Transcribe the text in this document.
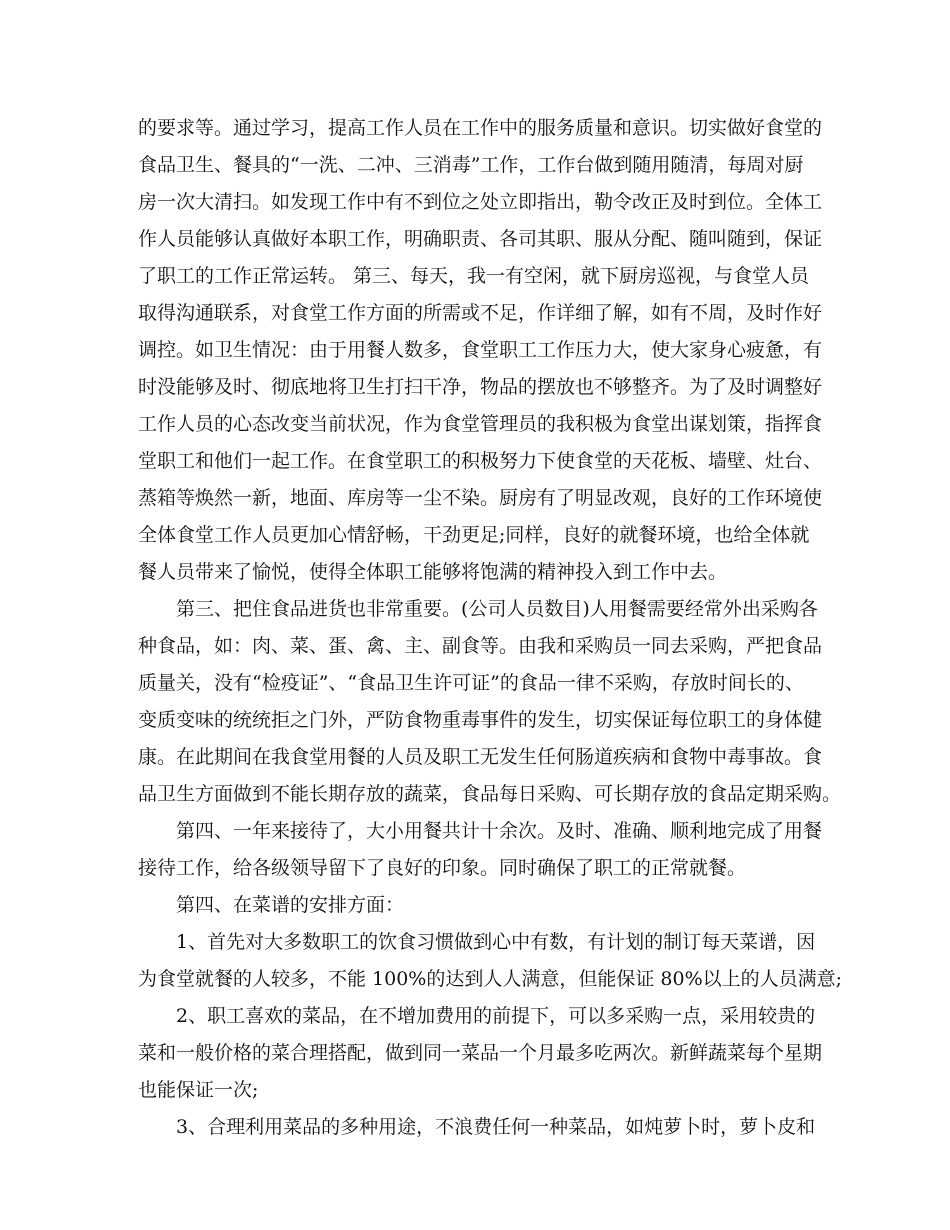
的要求等。通过学习，提高工作人员在工作中的服务质量和意识。切实做好食堂的
食品卫生、餐具的“一洗、二冲、三消毒”工作，工作台做到随用随清，每周对厨
房一次大清扫。如发现工作中有不到位之处立即指出，勒令改正及时到位。全体工
作人员能够认真做好本职工作，明确职责、各司其职、服从分配、随叫随到，保证
了职工的工作正常运转。 第三、每天，我一有空闲，就下厨房巡视，与食堂人员
取得沟通联系，对食堂工作方面的所需或不足，作详细了解，如有不周，及时作好
调控。如卫生情况：由于用餐人数多，食堂职工工作压力大，使大家身心疲惫，有
时没能够及时、彻底地将卫生打扫干净，物品的摆放也不够整齐。为了及时调整好
工作人员的心态改变当前状况，作为食堂管理员的我积极为食堂出谋划策，指挥食
堂职工和他们一起工作。在食堂职工的积极努力下使食堂的天花板、墙壁、灶台、
蒸箱等焕然一新，地面、库房等一尘不染。厨房有了明显改观，良好的工作环境使
全体食堂工作人员更加心情舒畅，干劲更足;同样，良好的就餐环境，也给全体就
餐人员带来了愉悦，使得全体职工能够将饱满的精神投入到工作中去。
第三、把住食品进货也非常重要。(公司人员数目)人用餐需要经常外出采购各
种食品，如：肉、菜、蛋、禽、主、副食等。由我和采购员一同去采购，严把食品
质量关，没有“检疫证”、“食品卫生许可证”的食品一律不采购，存放时间长的、
变质变味的统统拒之门外，严防食物重毒事件的发生，切实保证每位职工的身体健
康。在此期间在我食堂用餐的人员及职工无发生任何肠道疾病和食物中毒事故。食
品卫生方面做到不能长期存放的蔬菜，食品每日采购、可长期存放的食品定期采购。
第四、一年来接待了，大小用餐共计十余次。及时、准确、顺利地完成了用餐
接待工作，给各级领导留下了良好的印象。同时确保了职工的正常就餐。
第四、在菜谱的安排方面：
1、首先对大多数职工的饮食习惯做到心中有数，有计划的制订每天菜谱，因
为食堂就餐的人较多，不能 100%的达到人人满意，但能保证 80%以上的人员满意;
2、职工喜欢的菜品，在不增加费用的前提下，可以多采购一点，采用较贵的
菜和一般价格的菜合理搭配，做到同一菜品一个月最多吃两次。新鲜蔬菜每个星期
也能保证一次;
3、合理利用菜品的多种用途，不浪费任何一种菜品，如炖萝卜时，萝卜皮和
